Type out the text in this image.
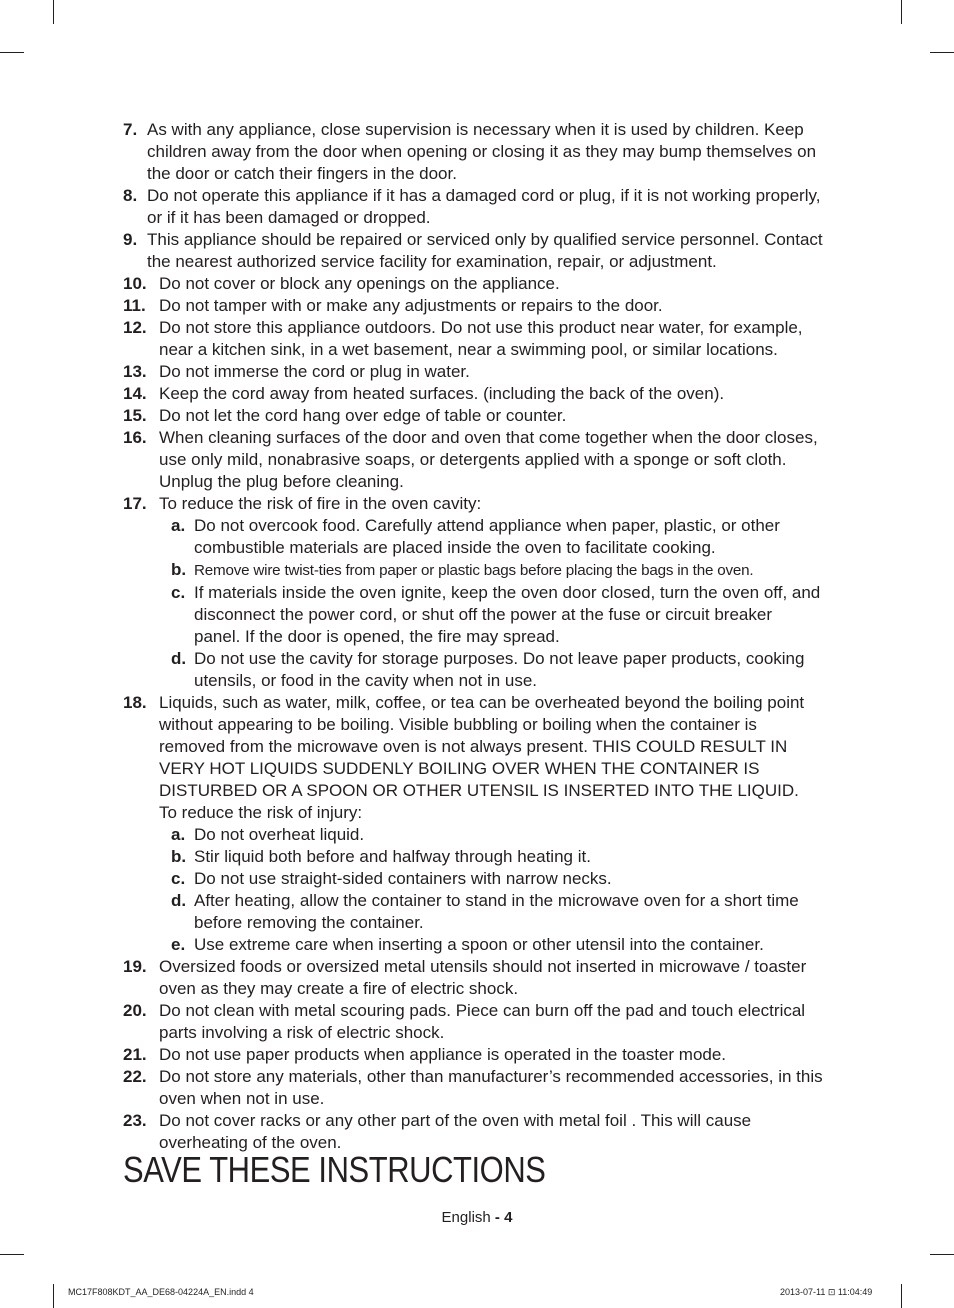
7. As with any appliance, close supervision is necessary when it is used by children. Keep children away from the door when opening or closing it as they may bump themselves on the door or catch their fingers in the door.
8. Do not operate this appliance if it has a damaged cord or plug, if it is not working properly, or if it has been damaged or dropped.
9. This appliance should be repaired or serviced only by qualified service personnel. Contact the nearest authorized service facility for examination, repair, or adjustment.
10. Do not cover or block any openings on the appliance.
11. Do not tamper with or make any adjustments or repairs to the door.
12. Do not store this appliance outdoors. Do not use this product near water, for example, near a kitchen sink, in a wet basement, near a swimming pool, or similar locations.
13. Do not immerse the cord or plug in water.
14. Keep the cord away from heated surfaces. (including the back of the oven).
15. Do not let the cord hang over edge of table or counter.
16. When cleaning surfaces of the door and oven that come together when the door closes, use only mild, nonabrasive soaps, or detergents applied with a sponge or soft cloth. Unplug the plug before cleaning.
17. To reduce the risk of fire in the oven cavity:
a. Do not overcook food. Carefully attend appliance when paper, plastic, or other combustible materials are placed inside the oven to facilitate cooking.
b. Remove wire twist-ties from paper or plastic bags before placing the bags in the oven.
c. If materials inside the oven ignite, keep the oven door closed, turn the oven off, and disconnect the power cord, or shut off the power at the fuse or circuit breaker panel. If the door is opened, the fire may spread.
d. Do not use the cavity for storage purposes. Do not leave paper products, cooking utensils, or food in the cavity when not in use.
18. Liquids, such as water, milk, coffee, or tea can be overheated beyond the boiling point without appearing to be boiling. Visible bubbling or boiling when the container is removed from the microwave oven is not always present. THIS COULD RESULT IN VERY HOT LIQUIDS SUDDENLY BOILING OVER WHEN THE CONTAINER IS DISTURBED OR A SPOON OR OTHER UTENSIL IS INSERTED INTO THE LIQUID.
To reduce the risk of injury:
a. Do not overheat liquid.
b. Stir liquid both before and halfway through heating it.
c. Do not use straight-sided containers with narrow necks.
d. After heating, allow the container to stand in the microwave oven for a short time before removing the container.
e. Use extreme care when inserting a spoon or other utensil into the container.
19. Oversized foods or oversized metal utensils should not inserted in microwave / toaster oven as they may create a fire of electric shock.
20. Do not clean with metal scouring pads. Piece can burn off the pad and touch electrical parts involving a risk of electric shock.
21. Do not use paper products when appliance is operated in the toaster mode.
22. Do not store any materials, other than manufacturer’s recommended accessories, in this oven when not in use.
23. Do not cover racks or any other part of the oven with metal foil . This will cause overheating of the oven.
SAVE THESE INSTRUCTIONS
English - 4
MC17F808KDT_AA_DE68-04224A_EN.indd 4	2013-07-11 ⊡ 11:04:49
